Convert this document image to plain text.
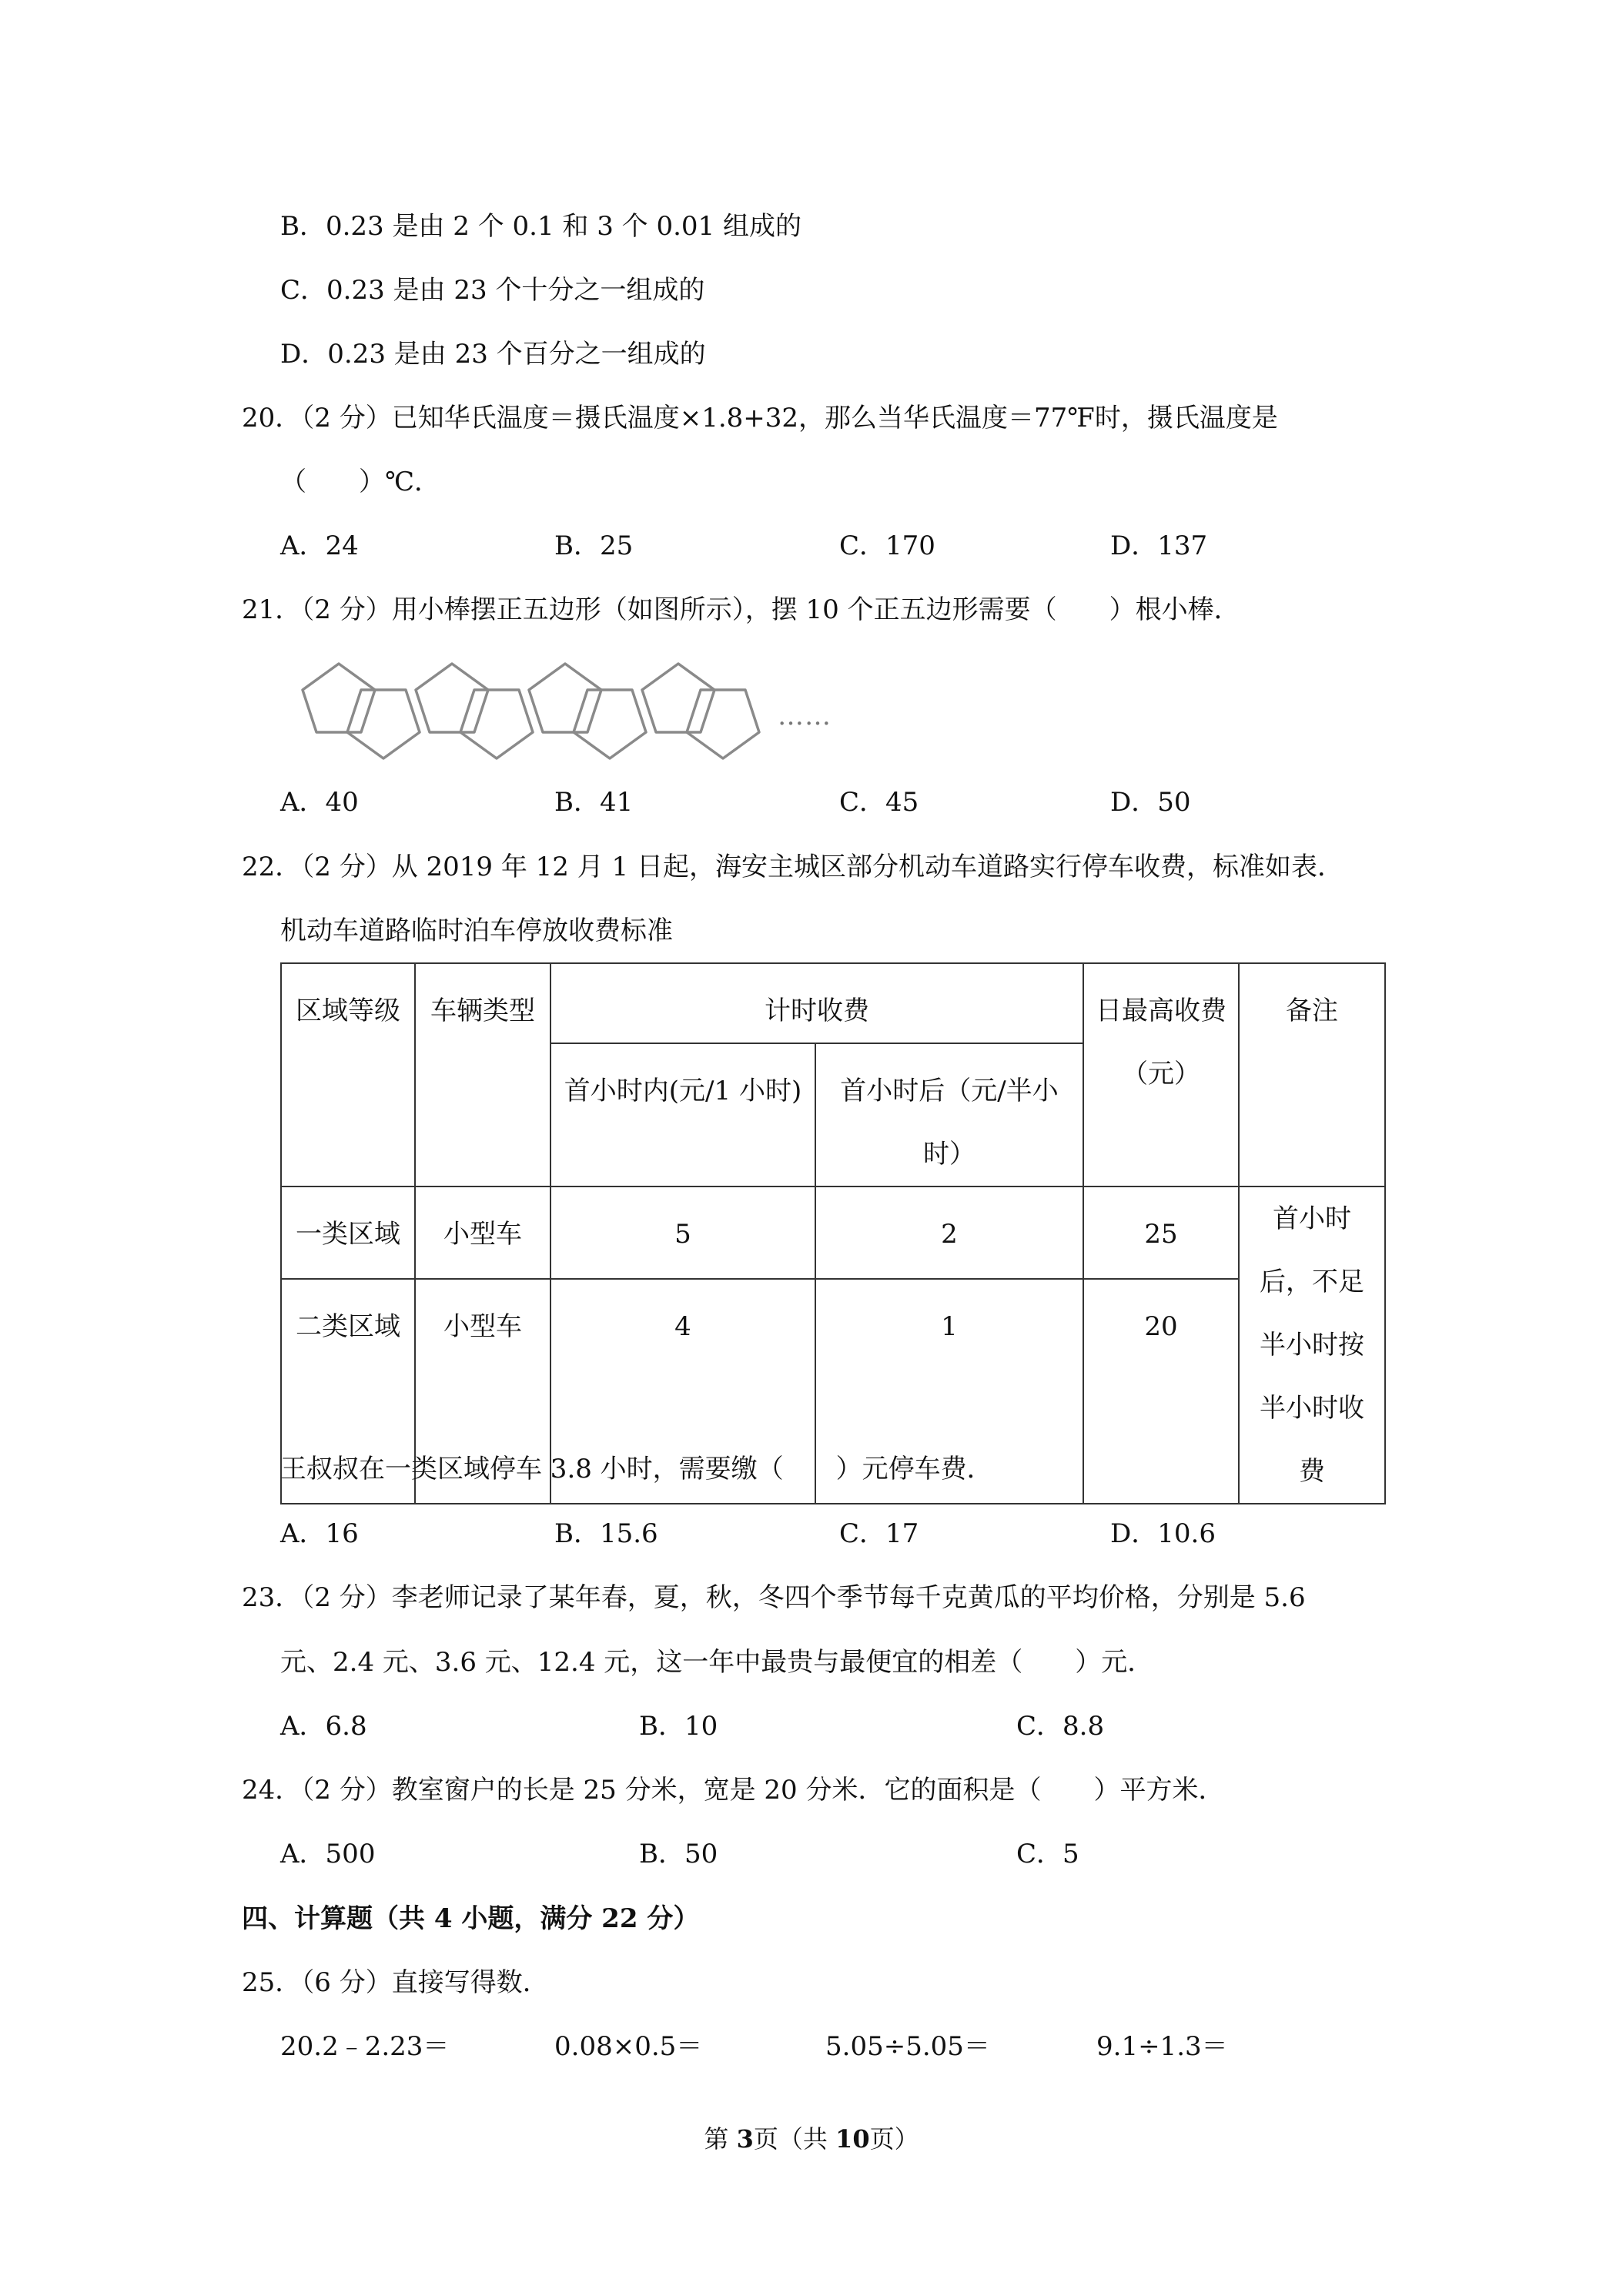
B．0.23 是由 2 个 0.1 和 3 个 0.01 组成的
C．0.23 是由 23 个十分之一组成的
D．0.23 是由 23 个百分之一组成的
20．（2 分）已知华氏温度＝摄氏温度×1.8+32，那么当华氏温度＝77℉时，摄氏温度是
（　　）℃．
A．24	B．25	C．170	D．137
21．（2 分）用小棒摆正五边形（如图所示），摆 10 个正五边形需要（　　）根小棒．
……
A．40	B．41	C．45	D．50
22．（2 分）从 2019 年 12 月 1 日起，海安主城区部分机动车道路实行停车收费，标准如表．
机动车道路临时泊车停放收费标准
区域等级	车辆类型	计时收费		日最高收费（元）	备注
		首小时内(元/1 小时)	首小时后（元/半小时）		
一类区域	小型车	5	2	25	首小时后，不足半小时按半小时收费
二类区域	小型车	4	1	20	
王叔叔在一类区域停车 3.8 小时，需要缴（　　）元停车费．
A．16	B．15.6	C．17	D．10.6
23．（2 分）李老师记录了某年春，夏，秋，冬四个季节每千克黄瓜的平均价格，分别是 5.6
元、2.4 元、3.6 元、12.4 元，这一年中最贵与最便宜的相差（　　）元．
A．6.8	B．10	C．8.8
24．（2 分）教室窗户的长是 25 分米，宽是 20 分米．它的面积是（　　）平方米．
A．500	B．50	C．5
四、计算题（共 4 小题，满分 22 分）
25．（6 分）直接写得数．
20.2﹣2.23＝	0.08×0.5＝	5.05÷5.05＝	9.1÷1.3＝
第 3页（共 10页）
